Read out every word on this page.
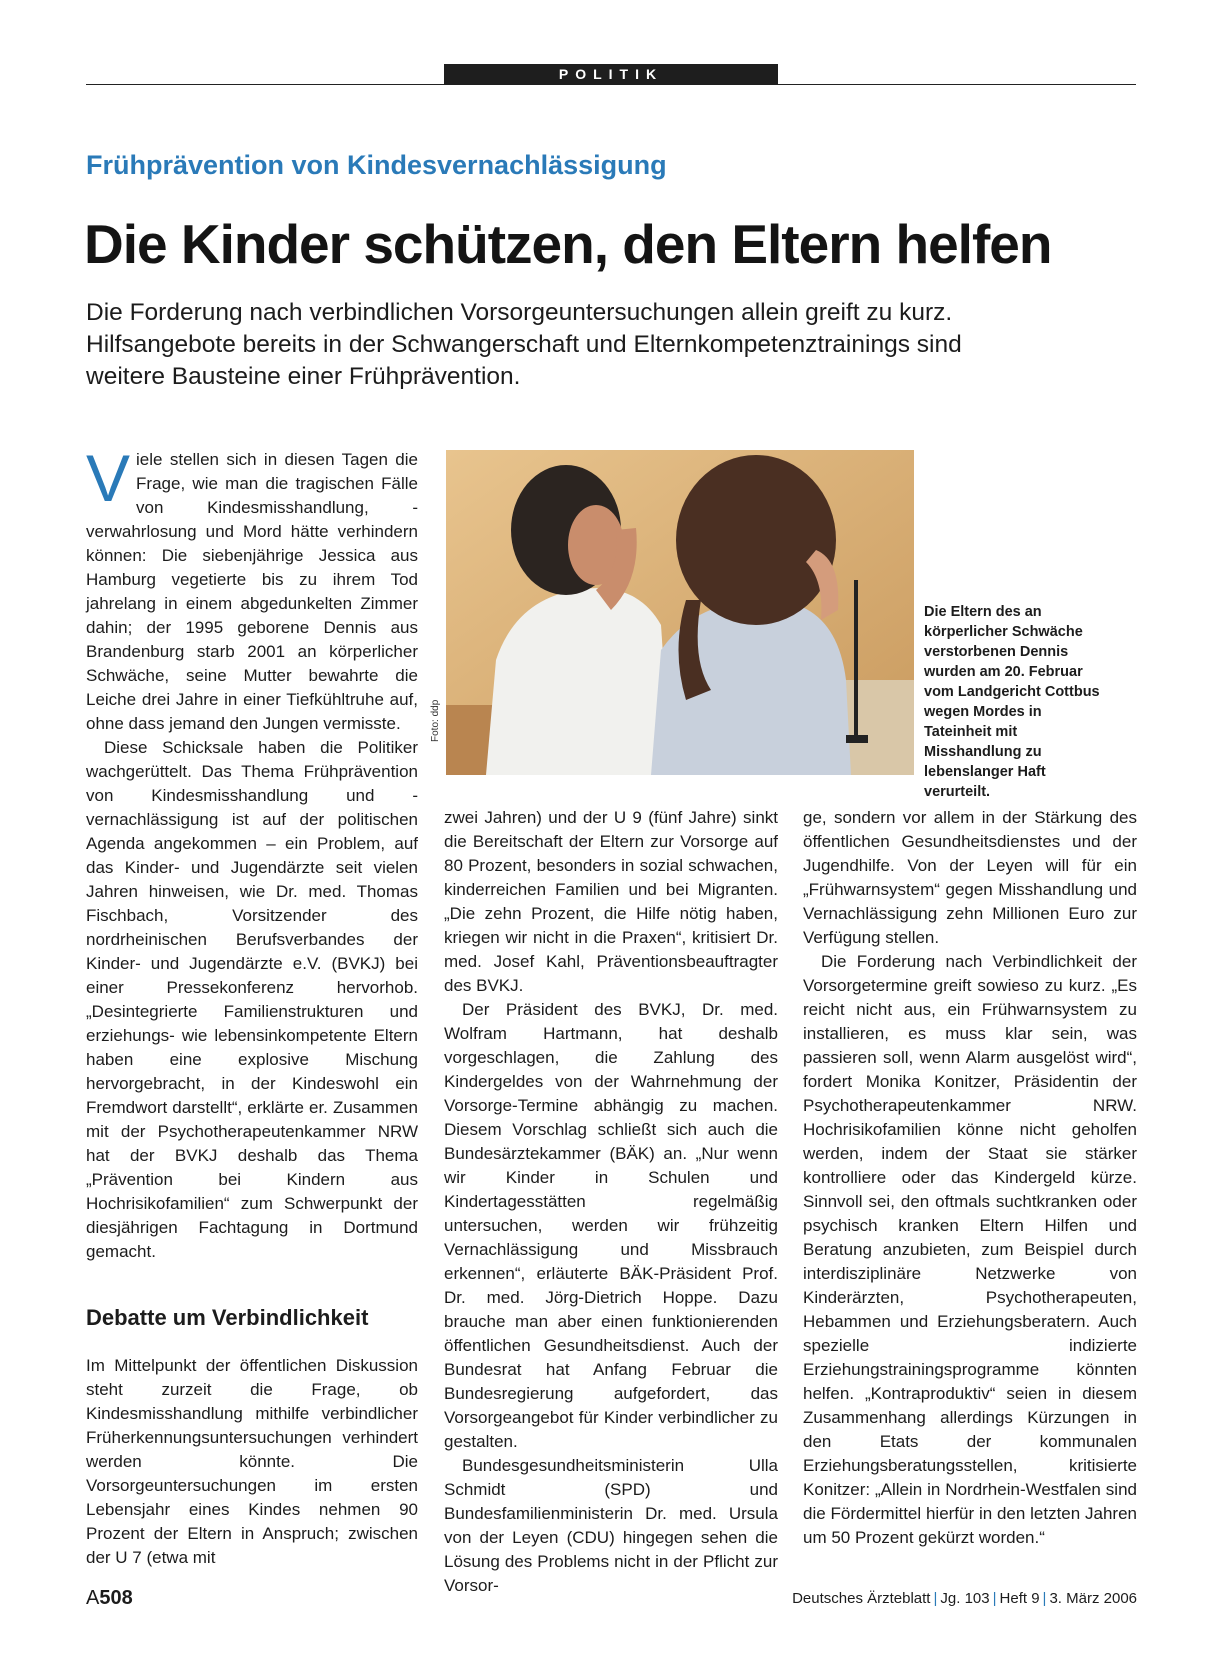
POLITIK
Frühprävention von Kindesvernachlässigung
Die Kinder schützen, den Eltern helfen
Die Forderung nach verbindlichen Vorsorgeuntersuchungen allein greift zu kurz.
Hilfsangebote bereits in der Schwangerschaft und Elternkompetenztrainings sind
weitere Bausteine einer Frühprävention.

Viele stellen sich in diesen Tagen die Frage, wie man die tragischen Fälle von Kindesmisshandlung, -verwahrlosung und Mord hätte verhindern können: Die siebenjährige Jessica aus Hamburg vegetierte bis zu ihrem Tod jahrelang in einem abgedunkelten Zimmer dahin; der 1995 geborene Dennis aus Brandenburg starb 2001 an körperlicher Schwäche, seine Mutter bewahrte die Leiche drei Jahre in einer Tiefkühltruhe auf, ohne dass jemand den Jungen vermisste.

Diese Schicksale haben die Politiker wachgerüttelt. Das Thema Frühprävention von Kindesmisshandlung und -vernachlässigung ist auf der politischen Agenda angekommen – ein Problem, auf das Kinder- und Jugendärzte seit vielen Jahren hinweisen, wie Dr. med. Thomas Fischbach, Vorsitzender des nordrheinischen Berufsverbandes der Kinder- und Jugendärzte e.V. (BVKJ) bei einer Pressekonferenz hervorhob. „Desintegrierte Familienstrukturen und erziehungs- wie lebensinkompetente Eltern haben eine explosive Mischung hervorgebracht, in der Kindeswohl ein Fremdwort darstellt“, erklärte er. Zusammen mit der Psychotherapeutenkammer NRW hat der BVKJ deshalb das Thema „Prävention bei Kindern aus Hochrisikofamilien“ zum Schwerpunkt der diesjährigen Fachtagung in Dortmund gemacht.

Debatte um Verbindlichkeit

Im Mittelpunkt der öffentlichen Diskussion steht zurzeit die Frage, ob Kindesmisshandlung mithilfe verbindlicher Früherkennungsuntersuchungen verhindert werden könnte. Die Vorsorgeuntersuchungen im ersten Lebensjahr eines Kindes nehmen 90 Prozent der Eltern in Anspruch; zwischen der U 7 (etwa mit

Foto: ddp
Die Eltern des an körperlicher Schwäche verstorbenen Dennis wurden am 20. Februar vom Landgericht Cottbus wegen Mordes in Tateinheit mit Misshandlung zu lebenslanger Haft verurteilt.

zwei Jahren) und der U 9 (fünf Jahre) sinkt die Bereitschaft der Eltern zur Vorsorge auf 80 Prozent, besonders in sozial schwachen, kinderreichen Familien und bei Migranten. „Die zehn Prozent, die Hilfe nötig haben, kriegen wir nicht in die Praxen“, kritisiert Dr. med. Josef Kahl, Präventionsbeauftragter des BVKJ.

Der Präsident des BVKJ, Dr. med. Wolfram Hartmann, hat deshalb vorgeschlagen, die Zahlung des Kindergeldes von der Wahrnehmung der Vorsorge-Termine abhängig zu machen. Diesem Vorschlag schließt sich auch die Bundesärztekammer (BÄK) an. „Nur wenn wir Kinder in Schulen und Kindertagesstätten regelmäßig untersuchen, werden wir frühzeitig Vernachlässigung und Missbrauch erkennen“, erläuterte BÄK-Präsident Prof. Dr. med. Jörg-Dietrich Hoppe. Dazu brauche man aber einen funktionierenden öffentlichen Gesundheitsdienst. Auch der Bundesrat hat Anfang Februar die Bundesregierung aufgefordert, das Vorsorgeangebot für Kinder verbindlicher zu gestalten.

Bundesgesundheitsministerin Ulla Schmidt (SPD) und Bundesfamilienministerin Dr. med. Ursula von der Leyen (CDU) hingegen sehen die Lösung des Problems nicht in der Pflicht zur Vorsor-

ge, sondern vor allem in der Stärkung des öffentlichen Gesundheitsdienstes und der Jugendhilfe. Von der Leyen will für ein „Frühwarnsystem“ gegen Misshandlung und Vernachlässigung zehn Millionen Euro zur Verfügung stellen.

Die Forderung nach Verbindlichkeit der Vorsorgetermine greift sowieso zu kurz. „Es reicht nicht aus, ein Frühwarnsystem zu installieren, es muss klar sein, was passieren soll, wenn Alarm ausgelöst wird“, fordert Monika Konitzer, Präsidentin der Psychotherapeutenkammer NRW. Hochrisikofamilien könne nicht geholfen werden, indem der Staat sie stärker kontrolliere oder das Kindergeld kürze. Sinnvoll sei, den oftmals suchtkranken oder psychisch kranken Eltern Hilfen und Beratung anzubieten, zum Beispiel durch interdisziplinäre Netzwerke von Kinderärzten, Psychotherapeuten, Hebammen und Erziehungsberatern. Auch spezielle indizierte Erziehungstrainingsprogramme könnten helfen. „Kontraproduktiv“ seien in diesem Zusammenhang allerdings Kürzungen in den Etats der kommunalen Erziehungsberatungsstellen, kritisierte Konitzer: „Allein in Nordrhein-Westfalen sind die Fördermittel hierfür in den letzten Jahren um 50 Prozent gekürzt worden.“

A508	Deutsches Ärzteblatt | Jg. 103 | Heft 9 | 3. März 2006
